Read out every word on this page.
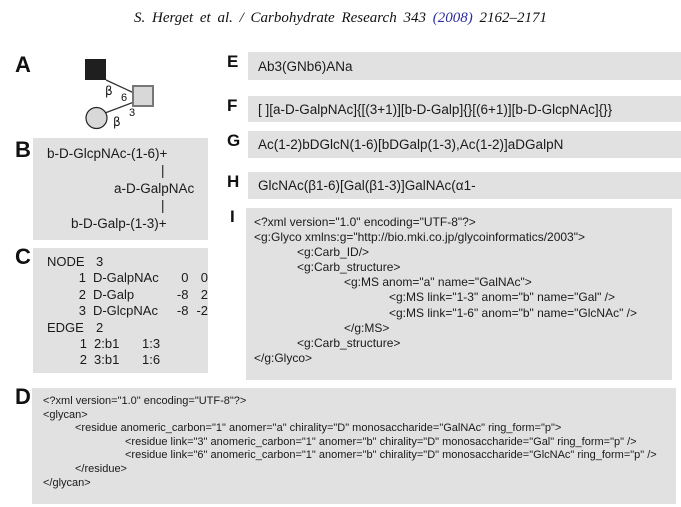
S. Herget et al. / Carbohydrate Research 343 (2008) 2162–2171
A
B
C
D
E
F
G
H
I
β 6
β
3
b-D-GlcpNAc-(1-6)+
|
a-D-GalpNAc
|
b-D-Galp-(1-3)+
NODE 3
1 D-GalpNAc	0 0
2 D-Galp	-8 2
3 D-GlcpNAc	-8 -2
EDGE 2
1 2:b1	1:3
2 3:b1	1:6
Ab3(GNb6)ANa
[ ][a-D-GalpNAc]{[(3+1)][b-D-Galp]{}[(6+1)][b-D-GlcpNAc]{}}
Ac(1-2)bDGlcN(1-6)[bDGalp(1-3),Ac(1-2)]aDGalpN
GlcNAc(β1-6)[Gal(β1-3)]GalNAc(α1-
<?xml version="1.0" encoding="UTF-8"?>
<g:Glyco xmlns:g="http://bio.mki.co.jp/glycoinformatics/2003">
<g:Carb_ID/>
<g:Carb_structure>
<g:MS anom="a" name="GalNAc">
<g:MS link="1-3" anom="b" name="Gal" />
<g:MS link="1-6" anom="b" name="GlcNAc" />
</g:MS>
<g:Carb_structure>
</g:Glyco>
<?xml version="1.0" encoding="UTF-8"?>
<glycan>
<residue anomeric_carbon="1" anomer="a" chirality="D" monosaccharide="GalNAc" ring_form="p">
<residue link="3" anomeric_carbon="1" anomer="b" chirality="D" monosaccharide="Gal" ring_form="p" />
<residue link="6" anomeric_carbon="1" anomer="b" chirality="D" monosaccharide="GlcNAc" ring_form="p" />
</residue>
</glycan>
